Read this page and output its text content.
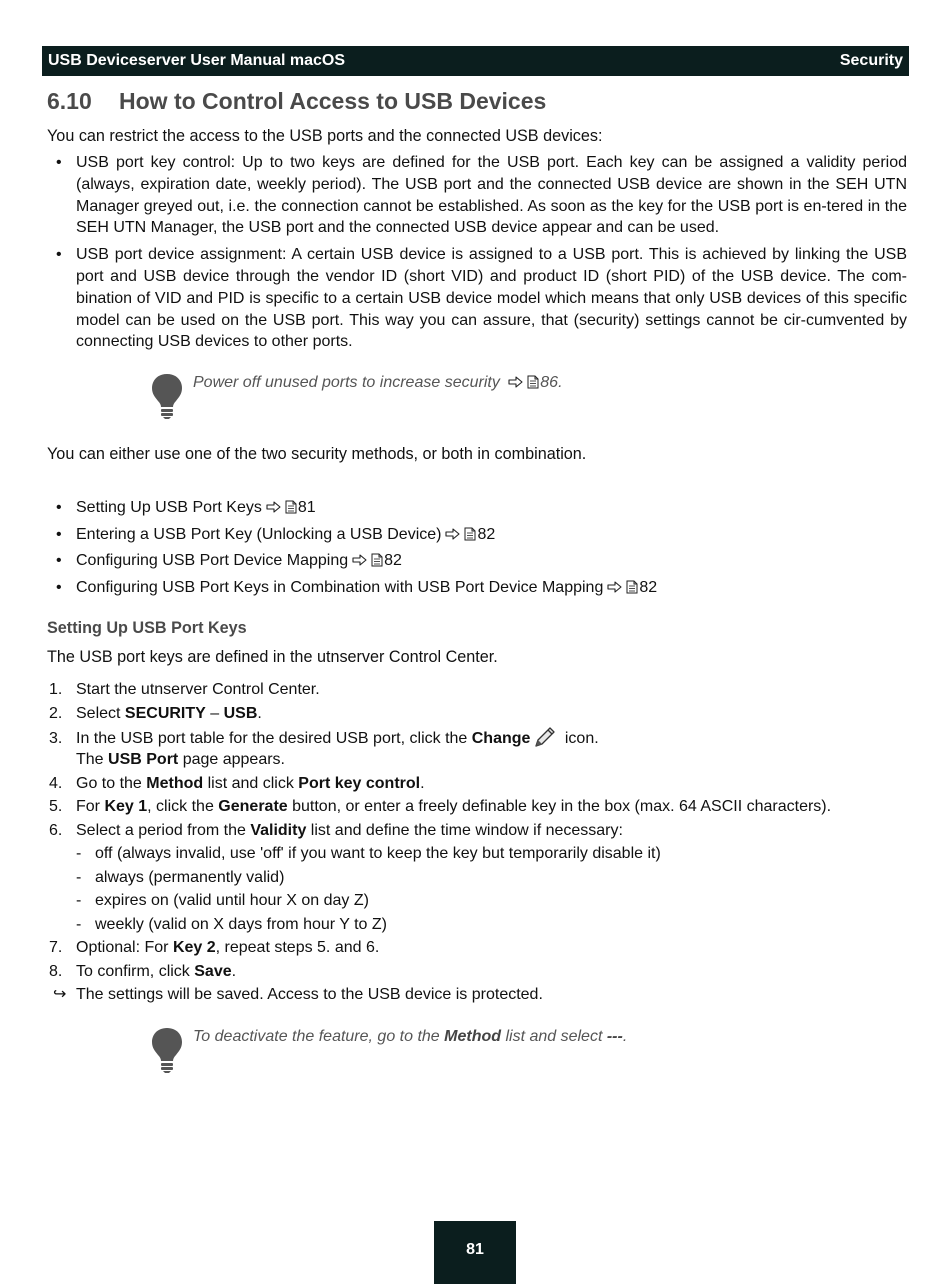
USB Deviceserver User Manual macOS	Security
6.10 How to Control Access to USB Devices

You can restrict the access to the USB ports and the connected USB devices:

• USB port key control: Up to two keys are defined for the USB port. Each key can be assigned a validity period (always, expiration date, weekly period). The USB port and the connected USB device are shown in the SEH UTN Manager greyed out, i.e. the connection cannot be established. As soon as the key for the USB port is en-tered in the SEH UTN Manager, the USB port and the connected USB device appear and can be used.
• USB port device assignment: A certain USB device is assigned to a USB port. This is achieved by linking the USB port and USB device through the vendor ID (short VID) and product ID (short PID) of the USB device. The com-bination of VID and PID is specific to a certain USB device model which means that only USB devices of this specific model can be used on the USB port. This way you can assure, that (security) settings cannot be cir-cumvented by connecting USB devices to other ports.
Power off unused ports to increase security	86.

You can either use one of the two security methods, or both in combination.

• Setting Up USB Port Keys 81
• Entering a USB Port Key (Unlocking a USB Device) 82
• Configuring USB Port Device Mapping 82
• Configuring USB Port Keys in Combination with USB Port Device Mapping 82
Setting Up USB Port Keys

The USB port keys are defined in the utnserver Control Center.

1. Start the utnserver Control Center.
2. Select SECURITY – USB.
3. In the USB port table for the desired USB port, click the Change icon.
The USB Port page appears.
4. Go to the Method list and click Port key control.
5. For Key 1, click the Generate button, or enter a freely definable key in the box (max. 64 ASCII characters).
6. Select a period from the Validity list and define the time window if necessary:
- off (always invalid, use 'off' if you want to keep the key but temporarily disable it)
- always (permanently valid)
- expires on (valid until hour X on day Z)
- weekly (valid on X days from hour Y to Z)
7. Optional: For Key 2, repeat steps 5. and 6.
8. To confirm, click Save.
↪ The settings will be saved. Access to the USB device is protected.
To deactivate the feature, go to the Method list and select ---.
81
